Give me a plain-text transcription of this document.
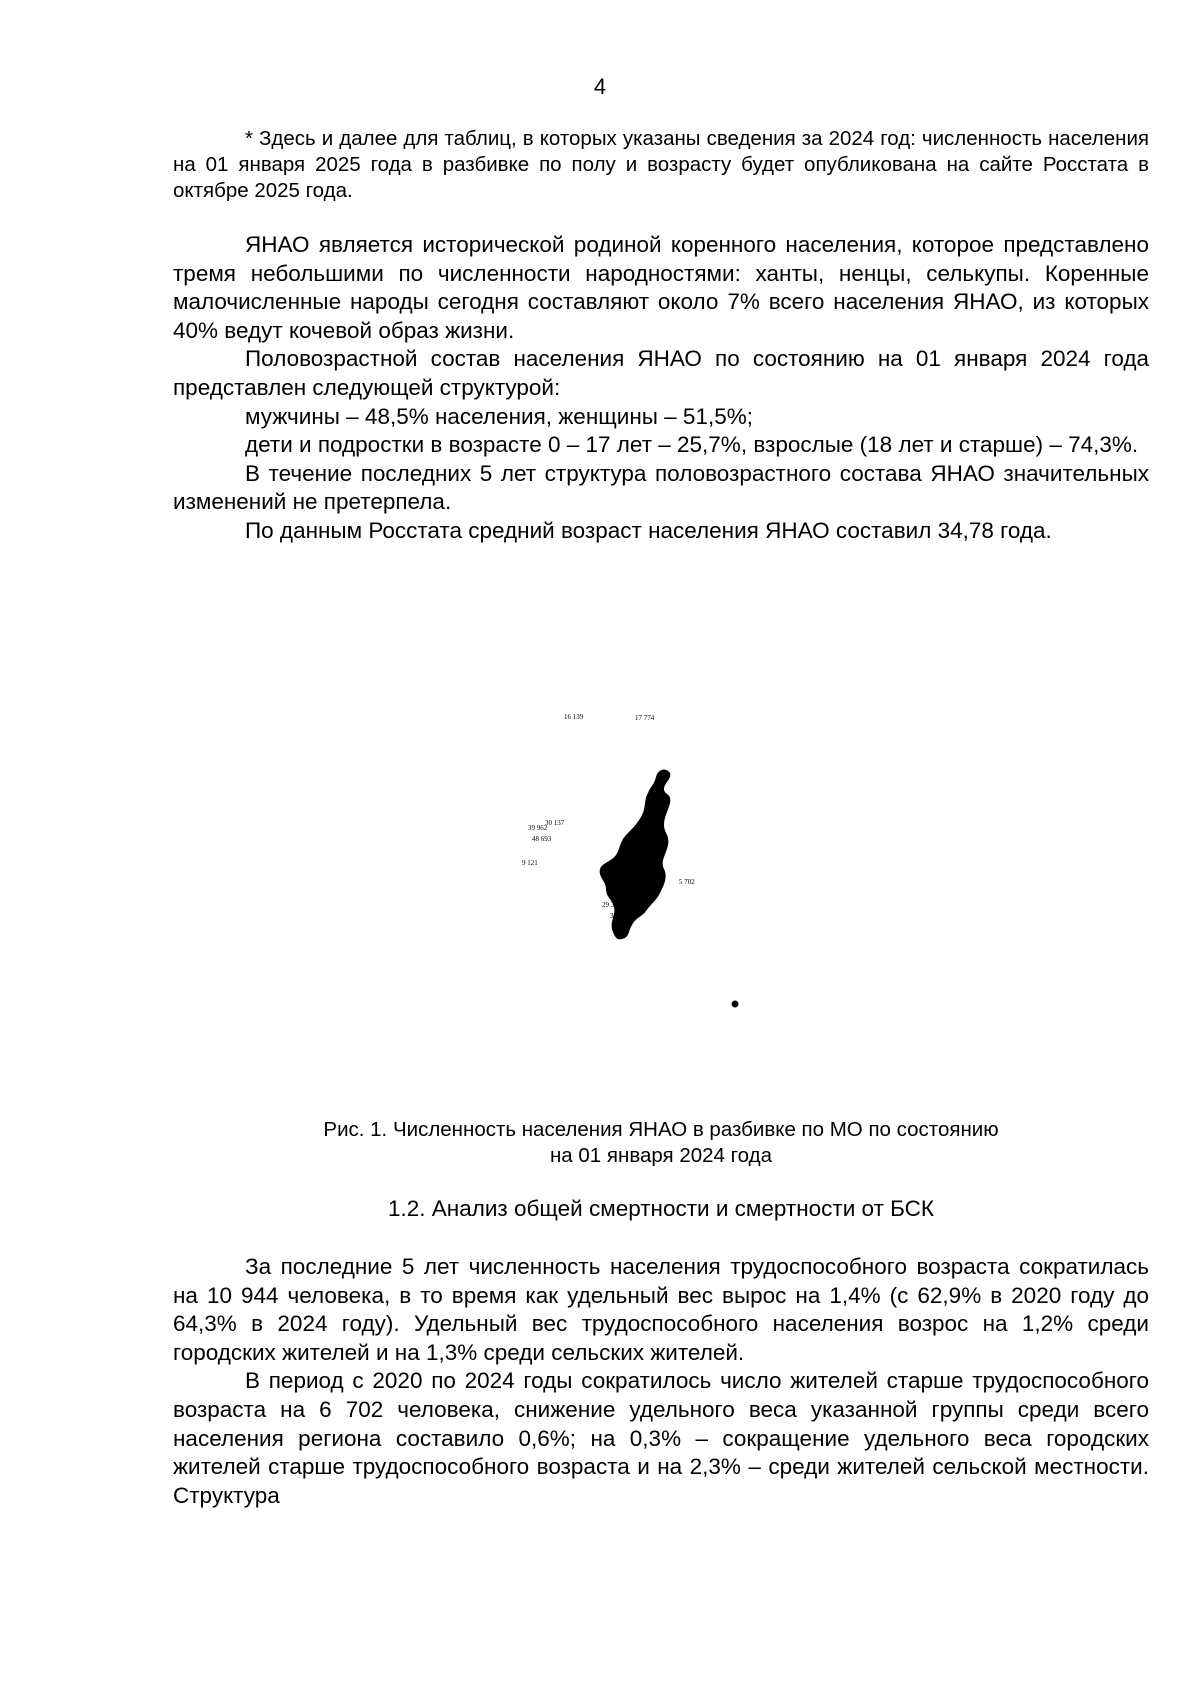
4

* Здесь и далее для таблиц, в которых указаны сведения за 2024 год: численность населения на 01 января 2025 года в разбивке по полу и возрасту будет опубликована на сайте Росстата в октябре 2025 года.

ЯНАО является исторической родиной коренного населения, которое представлено тремя небольшими по численности народностями: ханты, ненцы, селькупы. Коренные малочисленные народы сегодня составляют около 7% всего населения ЯНАО, из которых 40% ведут кочевой образ жизни.

Половозрастной состав населения ЯНАО по состоянию на 01 января 2024 года представлен следующей структурой:

мужчины – 48,5% населения, женщины – 51,5%;

дети и подростки в возрасте 0 – 17 лет – 25,7%, взрослые (18 лет и старше) – 74,3%.

В течение последних 5 лет структура половозрастного состава ЯНАО значительных изменений не претерпела.

По данным Росстата средний возраст населения ЯНАО составил 34,78 года.

16 139	17 774
30 137
39 962
48 693
9 121
4 714
26 552
5 702
33 969
29 306
30 625
Рис. 1. Численность населения ЯНАО в разбивке по МО по состоянию
на 01 января 2024 года
1.2. Анализ общей смертности и смертности от БСК

За последние 5 лет численность населения трудоспособного возраста сократилась на 10 944 человека, в то время как удельный вес вырос на 1,4% (с 62,9% в 2020 году до 64,3% в 2024 году). Удельный вес трудоспособного населения возрос на 1,2% среди городских жителей и на 1,3% среди сельских жителей.

В период с 2020 по 2024 годы сократилось число жителей старше трудоспособного возраста на 6 702 человека, снижение удельного веса указанной группы среди всего населения региона составило 0,6%; на 0,3% – сокращение удельного веса городских жителей старше трудоспособного возраста и на 2,3% – среди жителей сельской местности. Структура
